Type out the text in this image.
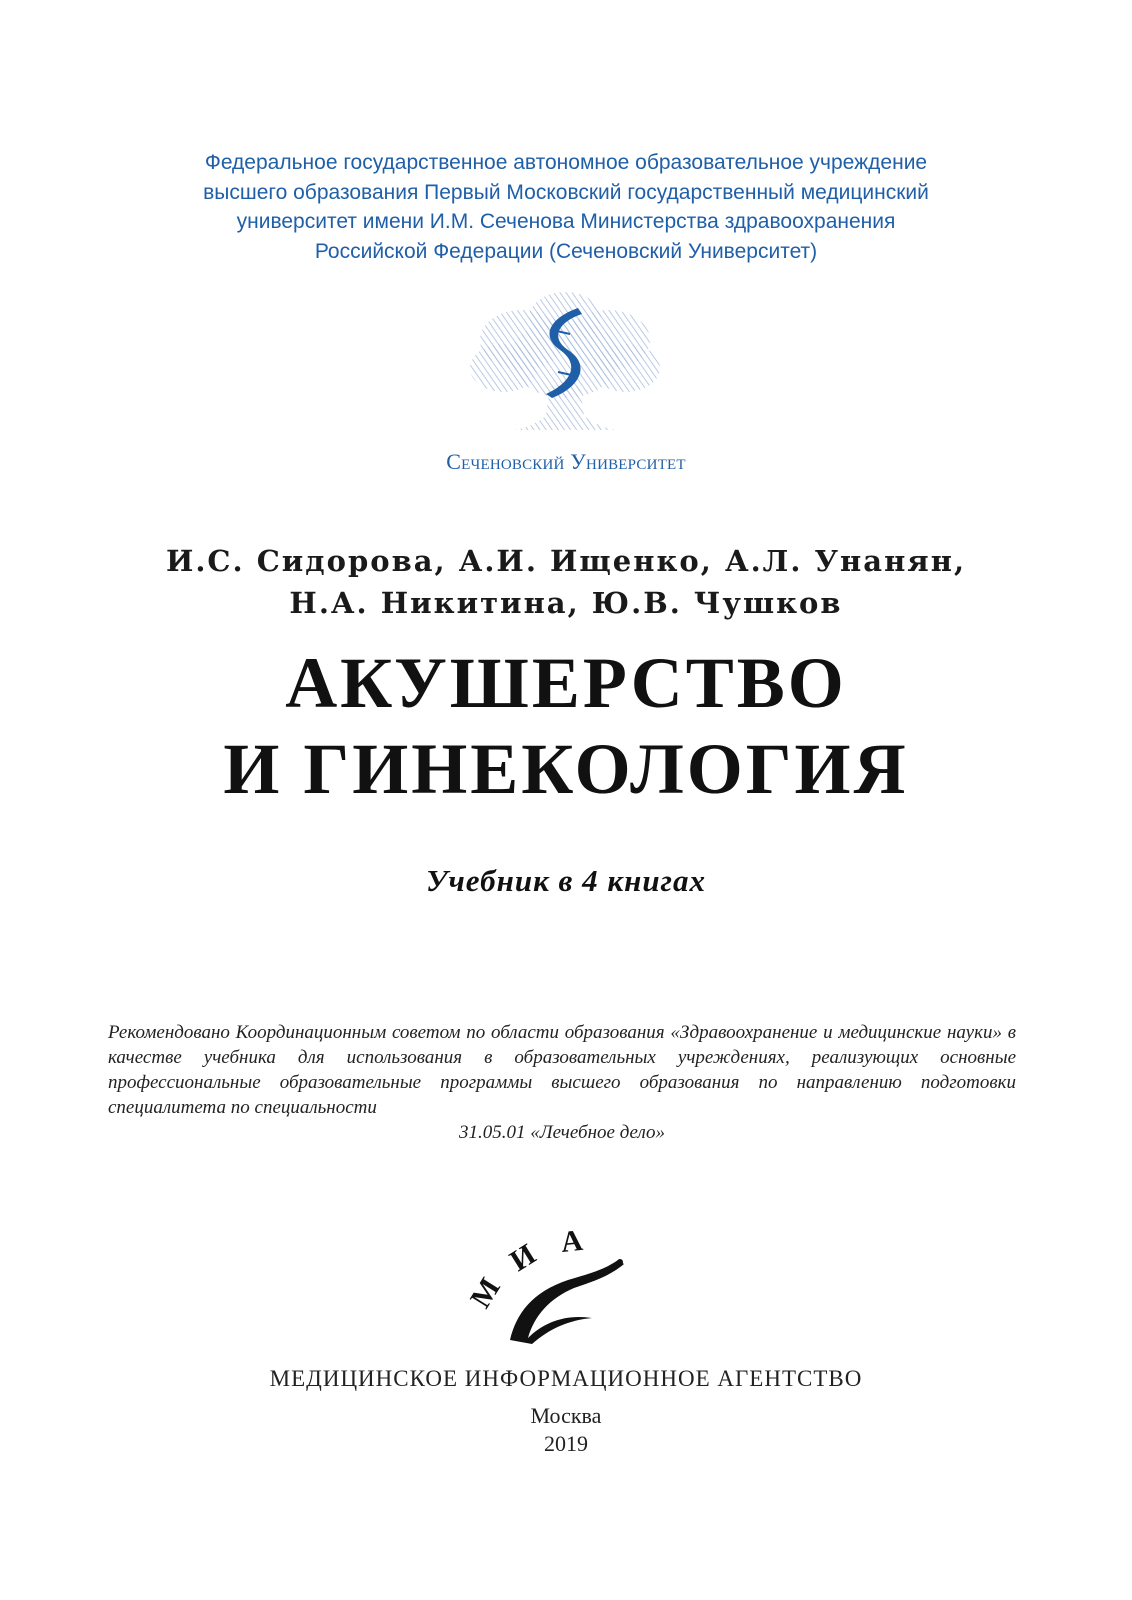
Федеральное государственное автономное образовательное учреждение
высшего образования Первый Московский государственный медицинский
университет имени И.М. Сеченова Министерства здравоохранения
Российской Федерации (Сеченовский Университет)
Сеченовский Университет
И.С. Сидорова, А.И. Ищенко, А.Л. Унанян,
Н.А. Никитина, Ю.В. Чушков
АКУШЕРСТВО
И ГИНЕКОЛОГИЯ
Учебник в 4 книгах
Рекомендовано Координационным советом по области образования «Здравоохранение и медицинские науки» в качестве учебника для использования в образовательных учреждениях, реализующих основные профессиональные образовательные программы высшего образования по направлению подготовки специалитета по специальности
31.05.01 «Лечебное дело»
М
И А
МЕДИЦИНСКОЕ ИНФОРМАЦИОННОЕ АГЕНТСТВО
Москва
2019
